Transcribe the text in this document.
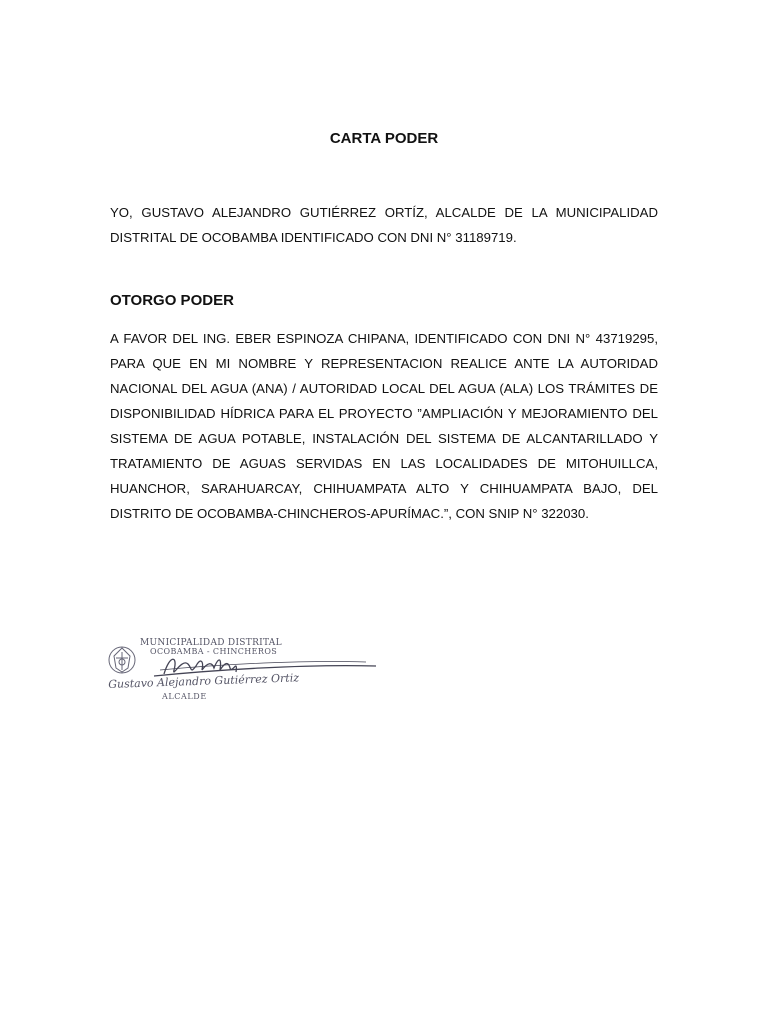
CARTA PODER

YO, GUSTAVO ALEJANDRO GUTIÉRREZ ORTÍZ, ALCALDE DE LA MUNICIPALIDAD DISTRITAL DE OCOBAMBA IDENTIFICADO CON DNI N° 31189719.

OTORGO PODER

A FAVOR DEL ING. EBER ESPINOZA CHIPANA, IDENTIFICADO CON DNI N° 43719295, PARA QUE EN MI NOMBRE Y REPRESENTACION REALICE ANTE LA AUTORIDAD NACIONAL DEL AGUA (ANA) / AUTORIDAD LOCAL DEL AGUA (ALA) LOS TRÁMITES DE DISPONIBILIDAD HÍDRICA PARA EL PROYECTO ”AMPLIACIÓN Y MEJORAMIENTO DEL SISTEMA DE AGUA POTABLE, INSTALACIÓN DEL SISTEMA DE ALCANTARILLADO Y TRATAMIENTO DE AGUAS SERVIDAS EN LAS LOCALIDADES DE MITOHUILLCA, HUANCHOR, SARAHUARCAY, CHIHUAMPATA ALTO Y CHIHUAMPATA BAJO, DEL DISTRITO DE OCOBAMBA-CHINCHEROS-APURÍMAC.”, CON SNIP N° 322030.

MUNICIPALIDAD DISTRITAL
OCOBAMBA - CHINCHEROS
Gustavo Alejandro Gutiérrez Ortiz
ALCALDE
